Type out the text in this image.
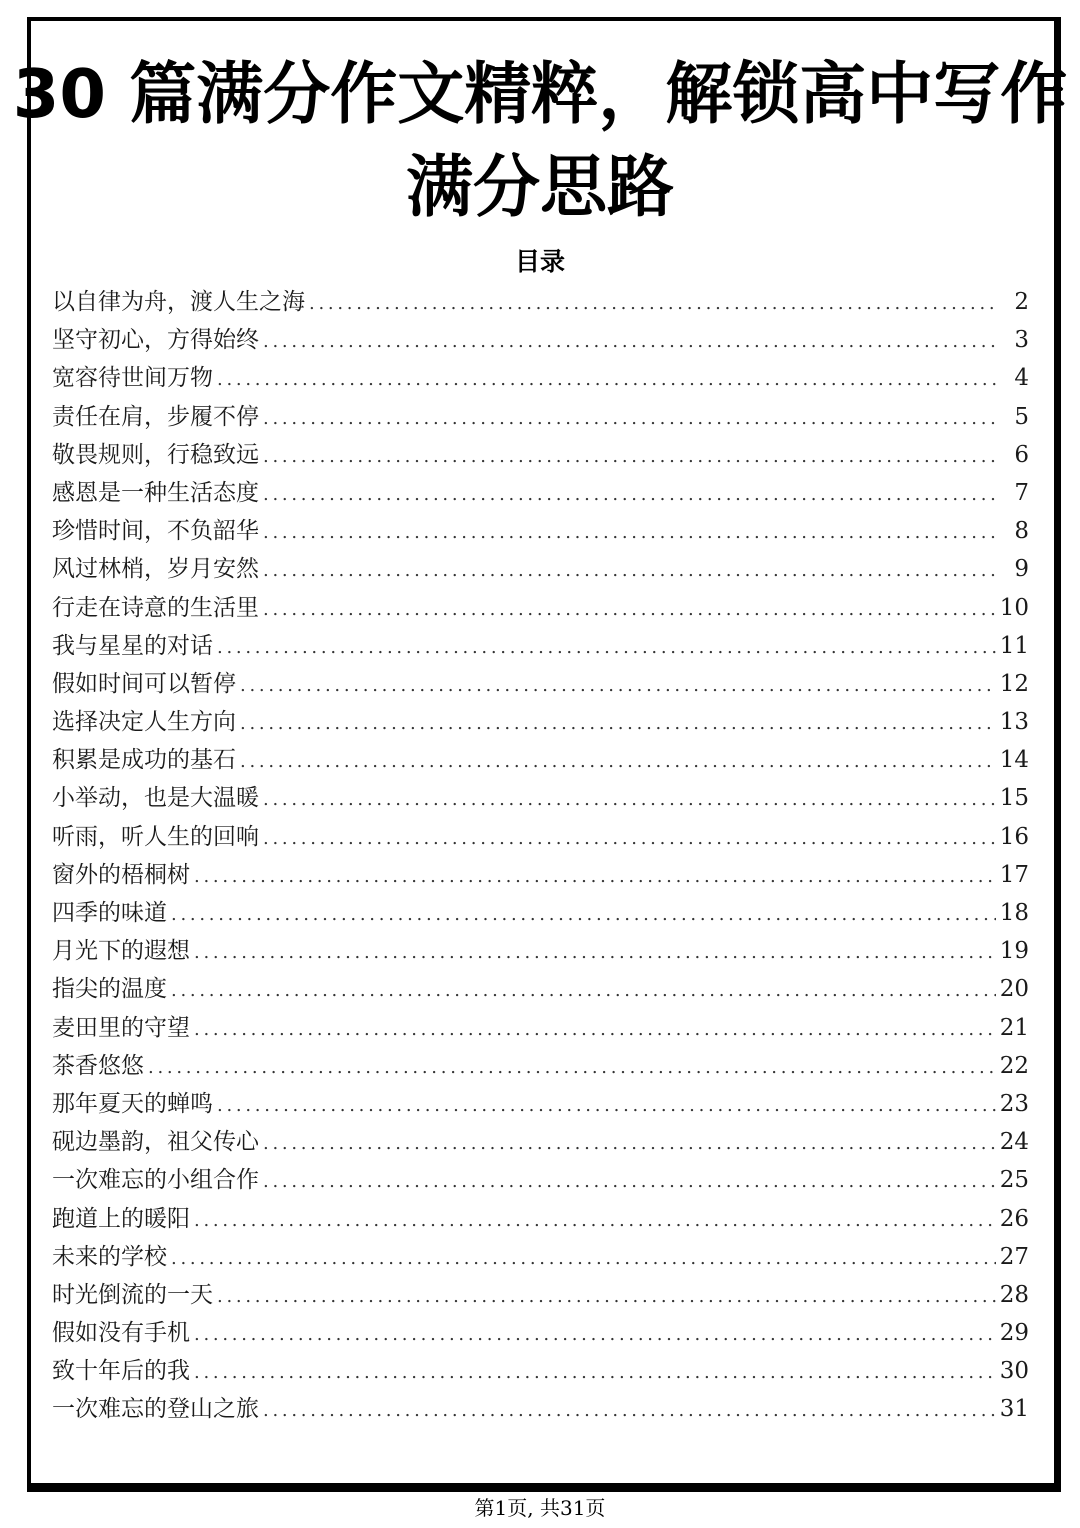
30 篇满分作文精粹，解锁高中写作满分思路
目录
以自律为舟，渡人生之海 . . .	2
坚守初心，方得始终 . . .	3
宽容待世间万物 . . .	4
责任在肩，步履不停 . . .	5
敬畏规则，行稳致远 . . .	6
感恩是一种生活态度 . . .	7
珍惜时间，不负韶华 . . .	8
风过林梢，岁月安然 . . .	9
行走在诗意的生活里 . . .	10
我与星星的对话 . . .	11
假如时间可以暂停 . . .	12
选择决定人生方向 . . .	13
积累是成功的基石 . . .	14
小举动，也是大温暖 . . .	15
听雨，听人生的回响 . . .	16
窗外的梧桐树 . . .	17
四季的味道 . . .	18
月光下的遐想 . . .	19
指尖的温度 . . .	20
麦田里的守望 . . .	21
茶香悠悠 . . .	22
那年夏天的蝉鸣 . . .	23
砚边墨韵，祖父传心 . . .	24
一次难忘的小组合作 . . .	25
跑道上的暖阳 . . .	26
未来的学校 . . .	27
时光倒流的一天 . . .	28
假如没有手机 . . .	29
致十年后的我 . . .	30
一次难忘的登山之旅 . . .	31
第1页, 共31页
